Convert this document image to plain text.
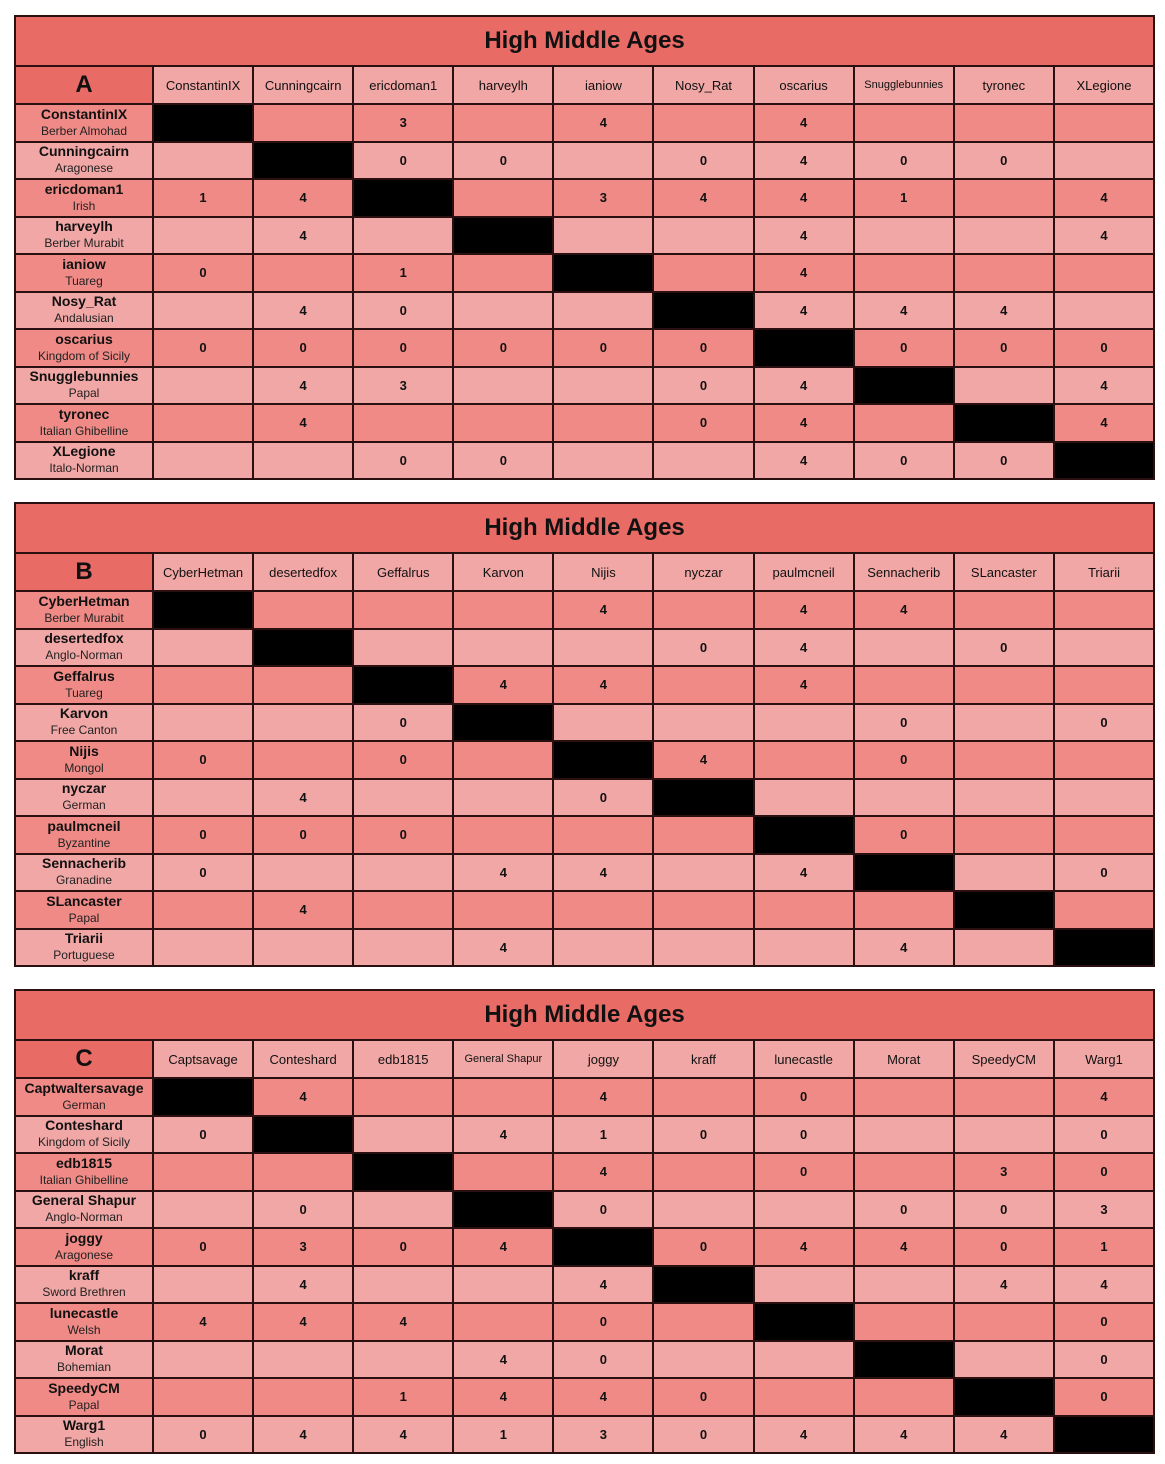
High Middle Ages										
A	ConstantinIX	Cunningcairn	ericdoman1	harveylh	ianiow	Nosy_Rat	oscarius	Snugglebunnies	tyronec	XLegione

ConstantinIX
Berber Almohad			3		4		4			

Cunningcairn
Aragonese			0	0		0	4	0	0	

ericdoman1
Irish	1	4			3	4	4	1		4

harveylh
Berber Murabit		4					4			4

ianiow
Tuareg	0		1				4			

Nosy_Rat
Andalusian		4	0				4	4	4	

oscarius
Kingdom of Sicily	0	0	0	0	0	0		0	0	0

Snugglebunnies
Papal		4	3			0	4			4

tyronec
Italian Ghibelline		4				0	4			4

XLegione
Italo-Norman			0	0			4	0	0	
High Middle Ages										
B	CyberHetman	desertedfox	Geffalrus	Karvon	Nijis	nyczar	paulmcneil	Sennacherib	SLancaster	Triarii

CyberHetman
Berber Murabit					4		4	4		

desertedfox
Anglo-Norman						0	4		0	

Geffalrus
Tuareg				4	4		4			

Karvon
Free Canton			0					0		0

Nijis
Mongol	0		0			4		0		

nyczar
German		4			0					

paulmcneil
Byzantine	0	0	0					0		

Sennacherib
Granadine	0			4	4		4			0

SLancaster
Papal		4								

Triarii
Portuguese				4				4		
High Middle Ages										
C	Captsavage	Conteshard	edb1815	General Shapur	joggy	kraff	lunecastle	Morat	SpeedyCM	Warg1

Captwaltersavage
German		4			4		0			4

Conteshard
Kingdom of Sicily	0			4	1	0	0			0

edb1815
Italian Ghibelline					4		0		3	0

General Shapur
Anglo-Norman		0			0			0	0	3

joggy
Aragonese	0	3	0	4		0	4	4	0	1

kraff
Sword Brethren		4			4				4	4

lunecastle
Welsh	4	4	4		0					0

Morat
Bohemian				4	0					0

SpeedyCM
Papal			1	4	4	0				0

Warg1
English	0	4	4	1	3	0	4	4	4	
